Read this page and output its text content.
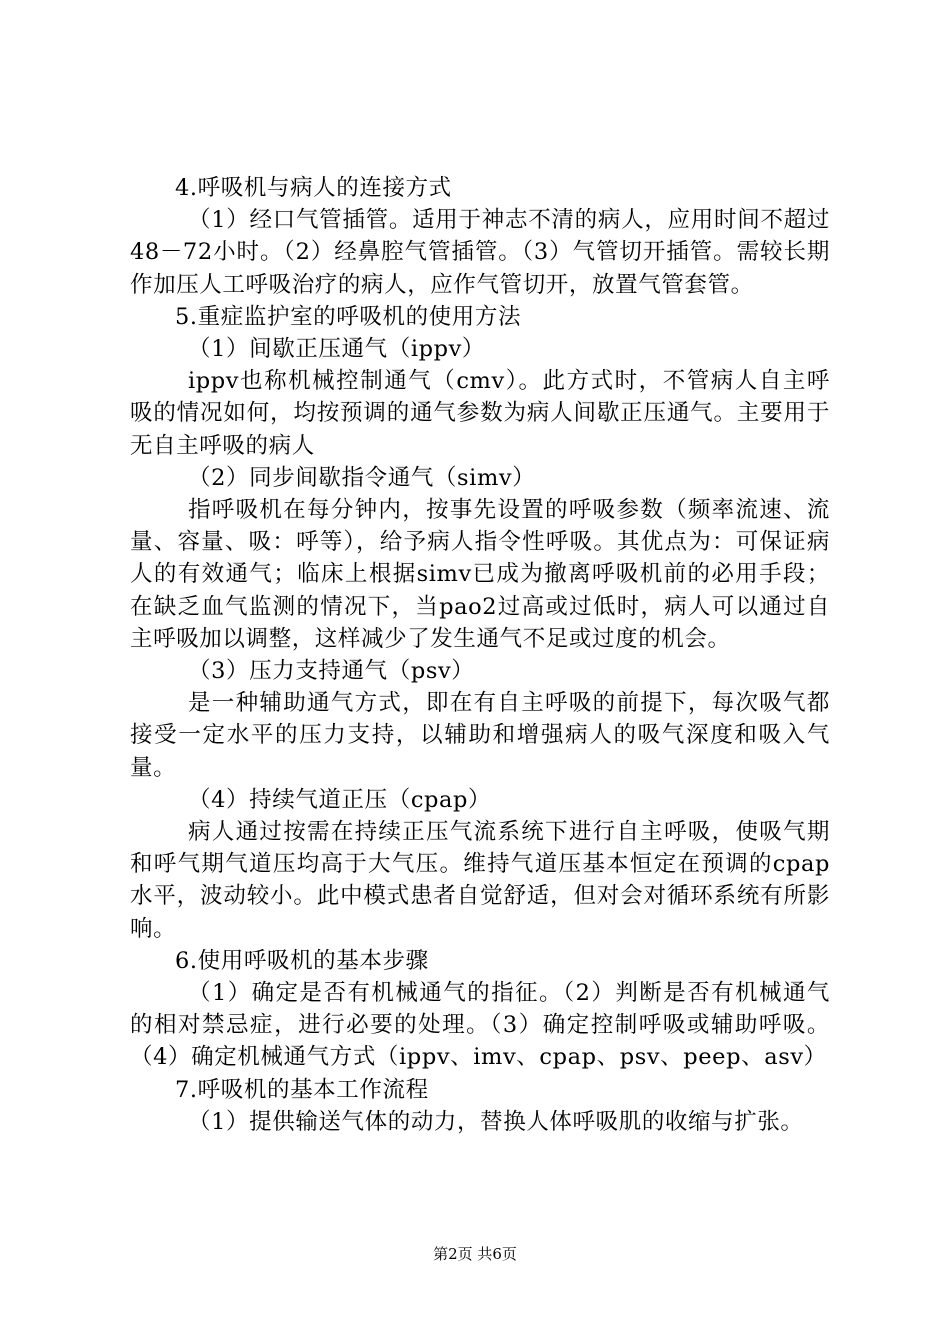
4.呼吸机与病人的连接方式

（1）经口气管插管。适用于神志不清的病人，应用时间不超过48－72小时。（2）经鼻腔气管插管。（3）气管切开插管。需较长期作加压人工呼吸治疗的病人，应作气管切开，放置气管套管。

5.重症监护室的呼吸机的使用方法

（1）间歇正压通气（ippv）

ippv也称机械控制通气（cmv）。此方式时，不管病人自主呼吸的情况如何，均按预调的通气参数为病人间歇正压通气。主要用于无自主呼吸的病人

（2）同步间歇指令通气（simv）

指呼吸机在每分钟内，按事先设置的呼吸参数（频率流速、流量、容量、吸：呼等），给予病人指令性呼吸。其优点为：可保证病人的有效通气；临床上根据simv已成为撤离呼吸机前的必用手段；在缺乏血气监测的情况下，当pao2过高或过低时，病人可以通过自主呼吸加以调整，这样减少了发生通气不足或过度的机会。

（3）压力支持通气（psv）

是一种辅助通气方式，即在有自主呼吸的前提下，每次吸气都接受一定水平的压力支持，以辅助和增强病人的吸气深度和吸入气量。

（4）持续气道正压（cpap）

病人通过按需在持续正压气流系统下进行自主呼吸，使吸气期和呼气期气道压均高于大气压。维持气道压基本恒定在预调的cpap水平，波动较小。此中模式患者自觉舒适，但对会对循环系统有所影响。

6.使用呼吸机的基本步骤

（1）确定是否有机械通气的指征。（2）判断是否有机械通气的相对禁忌症，进行必要的处理。（3）确定控制呼吸或辅助呼吸。（4）确定机械通气方式（ippv、imv、cpap、psv、peep、asv）

7.呼吸机的基本工作流程

（1）提供输送气体的动力，替换人体呼吸肌的收缩与扩张。

第2页 共6页
